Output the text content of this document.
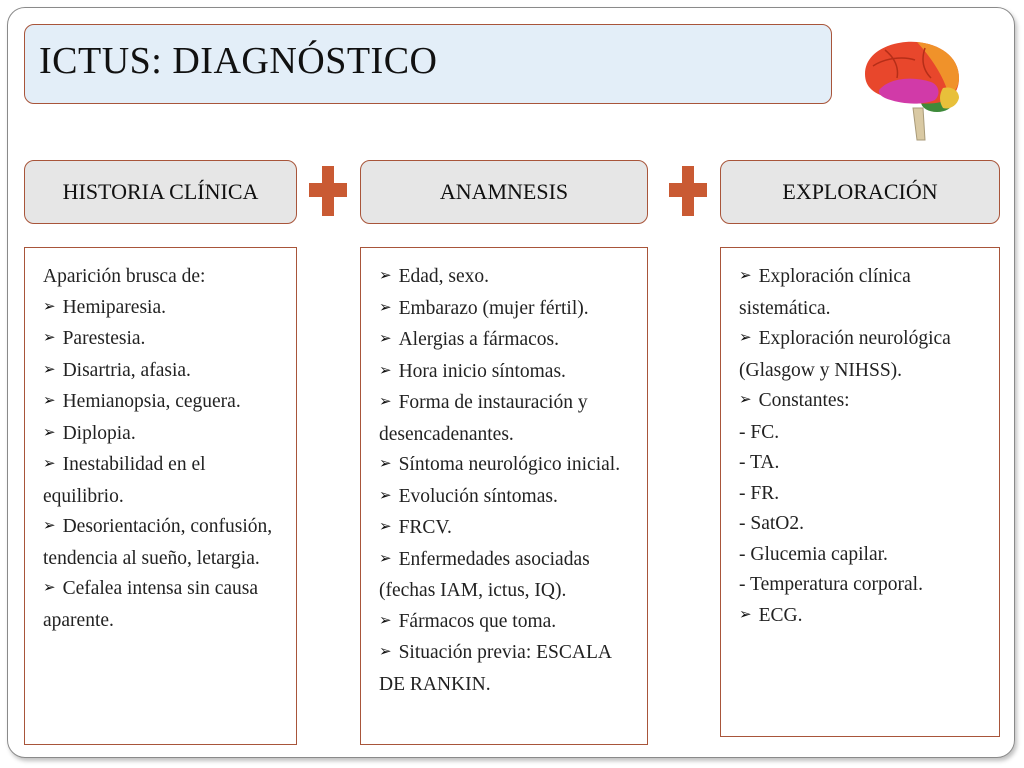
ICTUS: DIAGNÓSTICO
HISTORIA CLÍNICA	ANAMNESIS	EXPLORACIÓN
Aparición brusca de:
➢ Hemiparesia.
➢ Parestesia.
➢ Disartria, afasia.
➢ Hemianopsia, ceguera.
➢ Diplopia.
➢ Inestabilidad en el equilibrio.
➢ Desorientación, confusión, tendencia al sueño, letargia.
➢ Cefalea intensa sin causa aparente.
➢ Edad, sexo.
➢ Embarazo (mujer fértil).
➢ Alergias a fármacos.
➢ Hora inicio síntomas.
➢ Forma de instauración y desencadenantes.
➢ Síntoma neurológico inicial.
➢ Evolución síntomas.
➢ FRCV.
➢ Enfermedades asociadas (fechas IAM, ictus, IQ).
➢ Fármacos que toma.
➢ Situación previa: ESCALA DE RANKIN.
➢ Exploración clínica sistemática.
➢ Exploración neurológica (Glasgow y NIHSS).
➢ Constantes:
- FC.
- TA.
- FR.
- SatO2.
- Glucemia capilar.
- Temperatura corporal.
➢ ECG.
